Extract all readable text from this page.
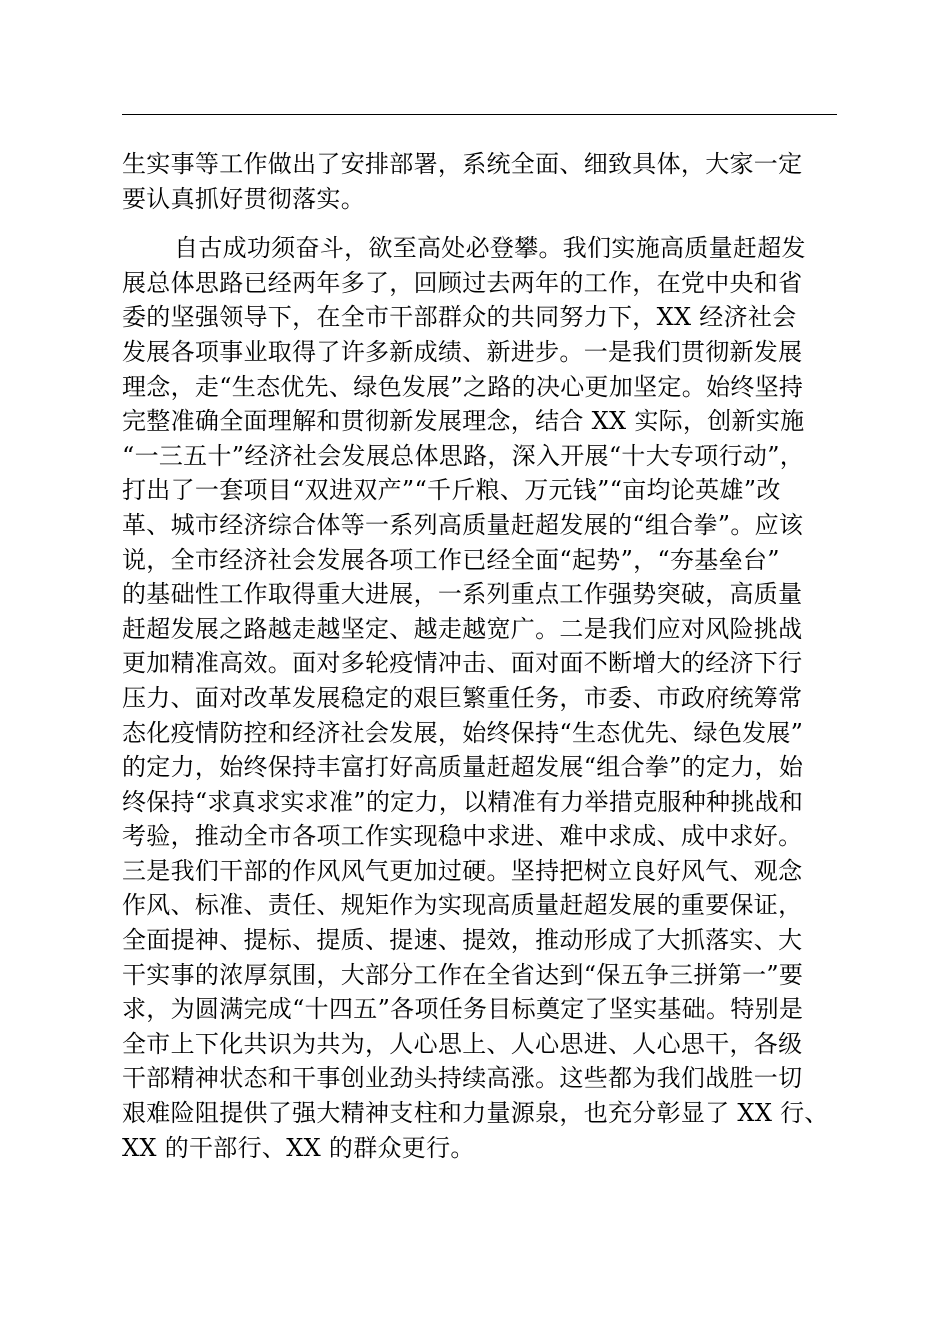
生实事等工作做出了安排部署，系统全面、细致具体，大家一定
要认真抓好贯彻落实。
自古成功须奋斗，欲至高处必登攀。我们实施高质量赶超发
展总体思路已经两年多了，回顾过去两年的工作，在党中央和省
委的坚强领导下，在全市干部群众的共同努力下，XX 经济社会
发展各项事业取得了许多新成绩、新进步。一是我们贯彻新发展
理念，走“生态优先、绿色发展”之路的决心更加坚定。始终坚持
完整准确全面理解和贯彻新发展理念，结合 XX 实际，创新实施
“一三五十”经济社会发展总体思路，深入开展“十大专项行动”，
打出了一套项目“双进双产”“千斤粮、万元钱”“亩均论英雄”改
革、城市经济综合体等一系列高质量赶超发展的“组合拳”。应该
说，全市经济社会发展各项工作已经全面“起势”，“夯基垒台”
的基础性工作取得重大进展，一系列重点工作强势突破，高质量
赶超发展之路越走越坚定、越走越宽广。二是我们应对风险挑战
更加精准高效。面对多轮疫情冲击、面对面不断增大的经济下行
压力、面对改革发展稳定的艰巨繁重任务，市委、市政府统筹常
态化疫情防控和经济社会发展，始终保持“生态优先、绿色发展”
的定力，始终保持丰富打好高质量赶超发展“组合拳”的定力，始
终保持“求真求实求准”的定力，以精准有力举措克服种种挑战和
考验，推动全市各项工作实现稳中求进、难中求成、成中求好。
三是我们干部的作风风气更加过硬。坚持把树立良好风气、观念
作风、标准、责任、规矩作为实现高质量赶超发展的重要保证，
全面提神、提标、提质、提速、提效，推动形成了大抓落实、大
干实事的浓厚氛围，大部分工作在全省达到“保五争三拼第一”要
求，为圆满完成“十四五”各项任务目标奠定了坚实基础。特别是
全市上下化共识为共为，人心思上、人心思进、人心思干，各级
干部精神状态和干事创业劲头持续高涨。这些都为我们战胜一切
艰难险阻提供了强大精神支柱和力量源泉，也充分彰显了 XX 行、
XX 的干部行、XX 的群众更行。
